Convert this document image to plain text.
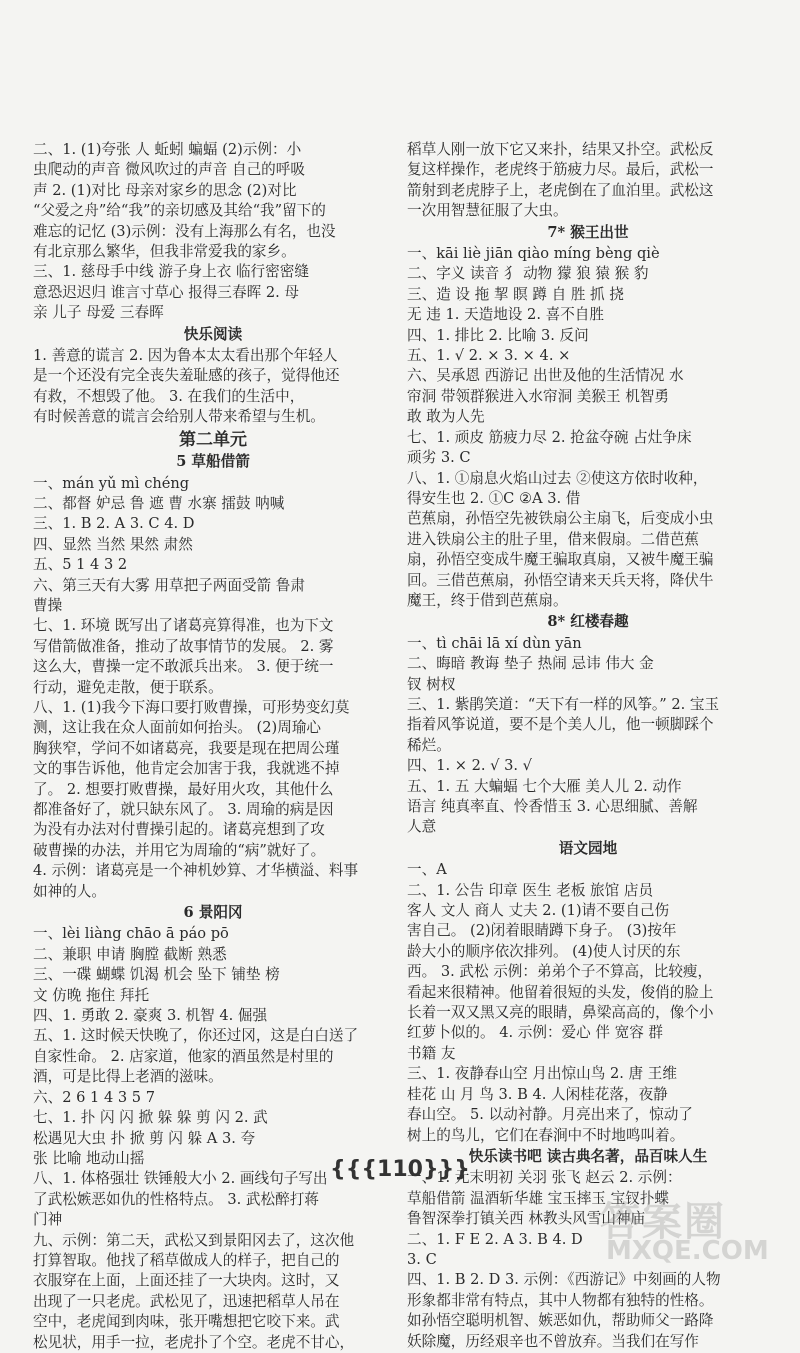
二、1. (1)夸张 人 蚯蚓 蝙蝠 (2)示例：小
虫爬动的声音 微风吹过的声音 自己的呼吸
声 2. (1)对比 母亲对家乡的思念 (2)对比
“父爱之舟”给“我”的亲切感及其给“我”留下的
难忘的记忆 (3)示例：没有上海那么有名，也没
有北京那么繁华，但我非常爱我的家乡。
三、1. 慈母手中线 游子身上衣 临行密密缝
意恐迟迟归 谁言寸草心 报得三春晖 2. 母
亲 儿子 母爱 三春晖
快乐阅读
1. 善意的谎言 2. 因为鲁本太太看出那个年轻人
是一个还没有完全丧失羞耻感的孩子，觉得他还
有救，不想毁了他。 3. 在我们的生活中，
有时候善意的谎言会给别人带来希望与生机。
第二单元
5 草船借箭
一、mán yǔ mì chéng
二、都督 妒忌 鲁 遮 曹 水寨 擂鼓 呐喊
三、1. B 2. A 3. C 4. D
四、显然 当然 果然 肃然
五、5 1 4 3 2
六、第三天有大雾 用草把子两面受箭 鲁肃
曹操
七、1. 环境 既写出了诸葛亮算得准，也为下文
写借箭做准备，推动了故事情节的发展。 2. 雾
这么大，曹操一定不敢派兵出来。 3. 便于统一
行动，避免走散，便于联系。
八、1. (1)我今下海口要打败曹操，可形势变幻莫
测，这让我在众人面前如何抬头。 (2)周瑜心
胸狭窄，学问不如诸葛亮，我要是现在把周公瑾
文的事告诉他，他肯定会加害于我，我就逃不掉
了。 2. 想要打败曹操，最好用火攻，其他什么
都准备好了，就只缺东风了。 3. 周瑜的病是因
为没有办法对付曹操引起的。诸葛亮想到了攻
破曹操的办法，并用它为周瑜的“病”就好了。
4. 示例：诸葛亮是一个神机妙算、才华横溢、料事
如神的人。
6 景阳冈
一、lèi liàng chāo ā páo pō
二、兼职 申请 胸膛 截断 熟悉
三、一碟 蝴蝶 饥渴 机会 坠下 铺垫 榜
文 仿晚 拖住 拜托
四、1. 勇敢 2. 豪爽 3. 机智 4. 倔强
五、1. 这时候天快晚了，你还过冈，这是白白送了
自家性命。 2. 店家道，他家的酒虽然是村里的
酒，可是比得上老酒的滋味。
六、2 6 1 4 3 5 7
七、1. 扑 闪 闪 掀 躲 躲 剪 闪 2. 武
松遇见大虫 扑 掀 剪 闪 躲 A 3. 夸
张 比喻 地动山摇
八、1. 体格强壮 铁锤般大小 2. 画线句子写出
了武松嫉恶如仇的性格特点。 3. 武松醉打蒋
门神
九、示例：第二天，武松又到景阳冈去了，这次他
打算智取。他找了稻草做成人的样子，把自己的
衣服穿在上面，上面还挂了一大块肉。这时，又
出现了一只老虎。武松见了，迅速把稻草人吊在
空中，老虎闻到肉味，张开嘴想把它咬下来。武
松见状，用手一拉，老虎扑了个空。老虎不甘心，
稻草人刚一放下它又来扑，结果又扑空。武松反
复这样操作，老虎终于筋疲力尽。最后，武松一
箭射到老虎脖子上，老虎倒在了血泊里。武松这
一次用智慧征服了大虫。
7* 猴王出世
一、kāi liè jiān qiào míng bèng qiè
二、字义 读音 犭 动物 獴 狼 猿 猴 豹
三、造 设 拖 挈 瞑 蹲 自 胜 抓 挠
无 违 1. 天造地设 2. 喜不自胜
四、1. 排比 2. 比喻 3. 反问
五、1. √ 2. × 3. × 4. ×
六、吴承恩 西游记 出世及他的生活情况 水
帘洞 带领群猴进入水帘洞 美猴王 机智勇
敢 敢为人先
七、1. 顽皮 筋疲力尽 2. 抢盆夺碗 占灶争床
顽劣 3. C
八、1. ①扇息火焰山过去 ②使这方依时收种，
得安生也 2. ①C ②A 3. 借
芭蕉扇，孙悟空先被铁扇公主扇飞，后变成小虫
进入铁扇公主的肚子里，借来假扇。二借芭蕉
扇，孙悟空变成牛魔王骗取真扇，又被牛魔王骗
回。三借芭蕉扇，孙悟空请来天兵天将，降伏牛
魔王，终于借到芭蕉扇。
8* 红楼春趣
一、tì chāi lā xí dùn yān
二、晦暗 教诲 垫子 热闹 忌讳 伟大 金
钗 树杈
三、1. 紫鹃笑道：“天下有一样的风筝。” 2. 宝玉
指着风筝说道，要不是个美人儿，他一顿脚踩个
稀烂。
四、1. × 2. √ 3. √
五、1. 五 大蝙蝠 七个大雁 美人儿 2. 动作
语言 纯真率直、怜香惜玉 3. 心思细腻、善解
人意
语文园地
一、A
二、1. 公告 印章 医生 老板 旅馆 店员
客人 文人 商人 丈夫 2. (1)请不要自己伤
害自己。 (2)闭着眼睛蹲下身子。 (3)按年
龄大小的顺序依次排列。 (4)使人讨厌的东
西。 3. 武松 示例：弟弟个子不算高，比较瘦，
看起来很精神。他留着很短的头发，俊俏的脸上
长着一双又黑又亮的眼睛，鼻梁高高的，像个小
红萝卜似的。 4. 示例：爱心 伴 宽容 群
书籍 友
三、1. 夜静春山空 月出惊山鸟 2. 唐 王维
桂花 山 月 鸟 3. B 4. 人闲桂花落，夜静
春山空。 5. 以动衬静。月亮出来了，惊动了
树上的鸟儿，它们在春涧中不时地鸣叫着。
快乐读书吧 读古典名著，品百味人生
一、1. 元末明初 关羽 张飞 赵云 2. 示例：
草船借箭 温酒斩华雄 宝玉摔玉 宝钗扑蝶
鲁智深拳打镇关西 林教头风雪山神庙
二、1. F E 2. A 3. B 4. D
3. C
四、1. B 2. D 3. 示例：《西游记》中刻画的人物
形象都非常有特点，其中人物都有独特的性格。
如孙悟空聪明机智、嫉恶如仇，帮助师父一路降
妖除魔，历经艰辛也不曾放弃。当我们在写作
{{{110}}}
答案圈
MXQE.COM
